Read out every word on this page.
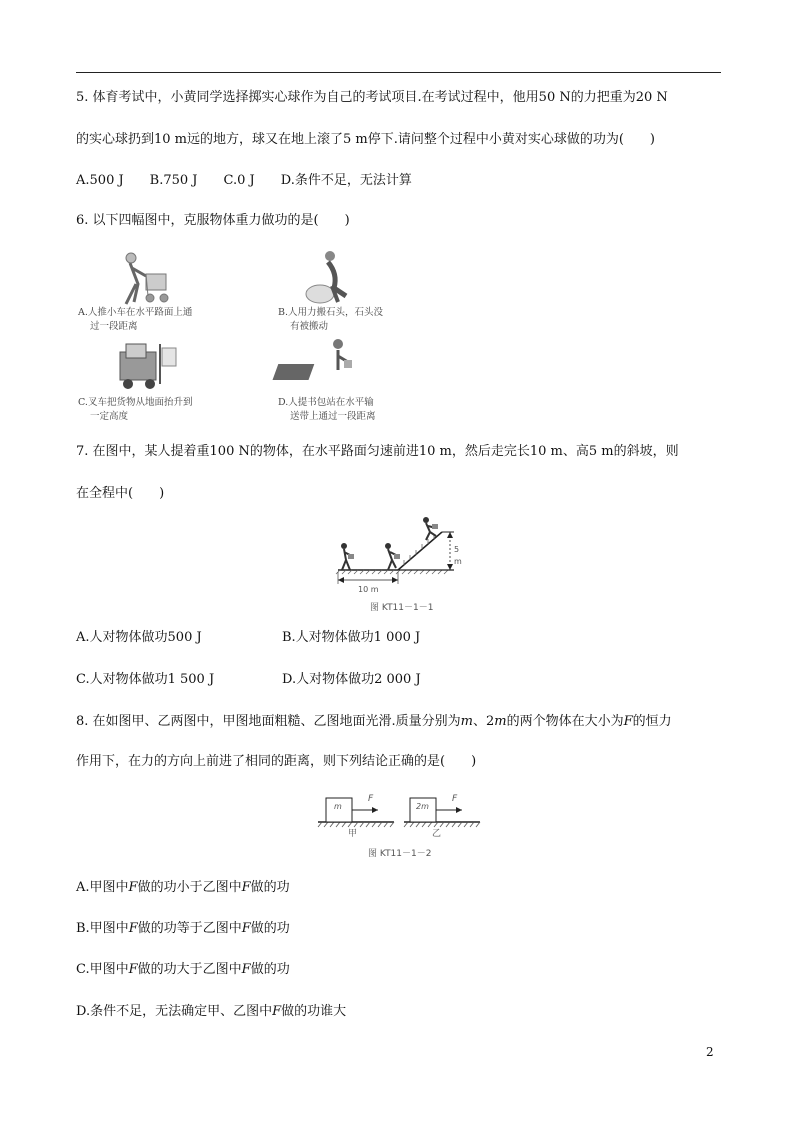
5. 体育考试中，小黄同学选择掷实心球作为自己的考试项目.在考试过程中，他用50 N的力把重为20 N
的实心球扔到10 m远的地方，球又在地上滚了5 m停下.请问整个过程中小黄对实心球做的功为(　　)
A.500 J　　B.750 J　　C.0 J　　D.条件不足，无法计算
6. 以下四幅图中，克服物体重力做功的是(　　)
A.人推小车在水平路面上通
过一段距离
B.人用力搬石头，石头没
有被搬动
C.叉车把货物从地面抬升到
一定高度
D.人提书包站在水平输
送带上通过一段距离
7. 在图中，某人提着重100 N的物体，在水平路面匀速前进10 m，然后走完长10 m、高5 m的斜坡，则
在全程中(　　)
5 m
10 m
图 KT11－1－1
A.人对物体做功500 J	B.人对物体做功1 000 J
C.人对物体做功1 500 J	D.人对物体做功2 000 J
8. 在如图甲、乙两图中，甲图地面粗糙、乙图地面光滑.质量分别为m、2m的两个物体在大小为F的恒力
作用下，在力的方向上前进了相同的距离，则下列结论正确的是(　　)
m	2m
F	F
甲	乙
图 KT11－1－2
A.甲图中F做的功小于乙图中F做的功
B.甲图中F做的功等于乙图中F做的功
C.甲图中F做的功大于乙图中F做的功
D.条件不足，无法确定甲、乙图中F做的功谁大
2
